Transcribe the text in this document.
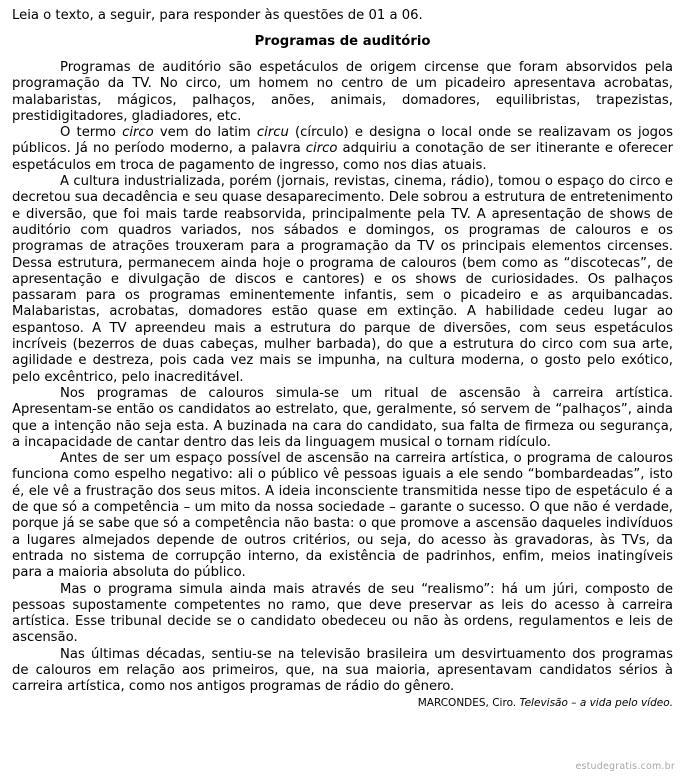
Leia o texto, a seguir, para responder às questões de 01 a 06.

Programas de auditório

Programas de auditório são espetáculos de origem circense que foram absorvidos pela programação da TV. No circo, um homem no centro de um picadeiro apresentava acrobatas, malabaristas, mágicos, palhaços, anões, animais, domadores, equilibristas, trapezistas, prestidigitadores, gladiadores, etc.

O termo circo vem do latim circu (círculo) e designa o local onde se realizavam os jogos públicos. Já no período moderno, a palavra circo adquiriu a conotação de ser itinerante e oferecer espetáculos em troca de pagamento de ingresso, como nos dias atuais.

A cultura industrializada, porém (jornais, revistas, cinema, rádio), tomou o espaço do circo e decretou sua decadência e seu quase desaparecimento. Dele sobrou a estrutura de entretenimento e diversão, que foi mais tarde reabsorvida, principalmente pela TV. A apresentação de shows de auditório com quadros variados, nos sábados e domingos, os programas de calouros e os programas de atrações trouxeram para a programação da TV os principais elementos circenses. Dessa estrutura, permanecem ainda hoje o programa de calouros (bem como as “discotecas”, de apresentação e divulgação de discos e cantores) e os shows de curiosidades. Os palhaços passaram para os programas eminentemente infantis, sem o picadeiro e as arquibancadas. Malabaristas, acrobatas, domadores estão quase em extinção. A habilidade cedeu lugar ao espantoso. A TV apreendeu mais a estrutura do parque de diversões, com seus espetáculos incríveis (bezerros de duas cabeças, mulher barbada), do que a estrutura do circo com sua arte, agilidade e destreza, pois cada vez mais se impunha, na cultura moderna, o gosto pelo exótico, pelo excêntrico, pelo inacreditável.

Nos programas de calouros simula-se um ritual de ascensão à carreira artística. Apresentam-se então os candidatos ao estrelato, que, geralmente, só servem de “palhaços”, ainda que a intenção não seja esta. A buzinada na cara do candidato, sua falta de firmeza ou segurança, a incapacidade de cantar dentro das leis da linguagem musical o tornam ridículo.

Antes de ser um espaço possível de ascensão na carreira artística, o programa de calouros funciona como espelho negativo: ali o público vê pessoas iguais a ele sendo “bombardeadas”, isto é, ele vê a frustração dos seus mitos. A ideia inconsciente transmitida nesse tipo de espetáculo é a de que só a competência – um mito da nossa sociedade – garante o sucesso. O que não é verdade, porque já se sabe que só a competência não basta: o que promove a ascensão daqueles indivíduos a lugares almejados depende de outros critérios, ou seja, do acesso às gravadoras, às TVs, da entrada no sistema de corrupção interno, da existência de padrinhos, enfim, meios inatingíveis para a maioria absoluta do público.

Mas o programa simula ainda mais através de seu “realismo”: há um júri, composto de pessoas supostamente competentes no ramo, que deve preservar as leis do acesso à carreira artística. Esse tribunal decide se o candidato obedeceu ou não às ordens, regulamentos e leis de ascensão.

Nas últimas décadas, sentiu-se na televisão brasileira um desvirtuamento dos programas de calouros em relação aos primeiros, que, na sua maioria, apresentavam candidatos sérios à carreira artística, como nos antigos programas de rádio do gênero.

MARCONDES, Ciro. Televisão – a vida pelo vídeo.

estudegratis.com.br
